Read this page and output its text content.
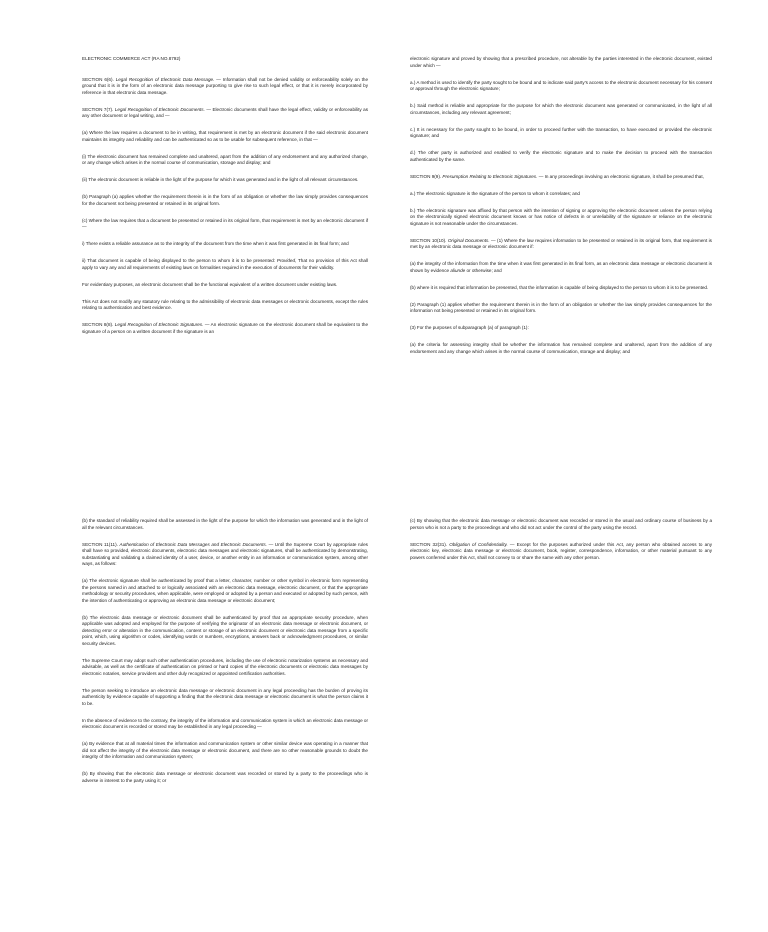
ELECTRONIC COMMERCE ACT (RA NO.8792)

SECTION 6(6). Legal Recognition of Electronic Data Message. — Information shall not be denied validity or enforceability solely on the ground that it is in the form of an electronic data message purporting to give rise to such legal effect, or that it is merely incorporated by reference in that electronic data message.

SECTION 7(7). Legal Recognition of Electronic Documents. — Electronic documents shall have the legal effect, validity or enforceability as any other document or legal writing, and —

(a) Where the law requires a document to be in writing, that requirement is met by an electronic document if the said electronic document maintains its integrity and reliability and can be authenticated so as to be usable for subsequent reference, in that —

(i) The electronic document has remained complete and unaltered, apart from the addition of any endorsement and any authorized change, or any change which arises in the normal course of communication, storage and display; and

(ii) The electronic document is reliable in the light of the purpose for which it was generated and in the light of all relevant circumstances.

(b) Paragraph (a) applies whether the requirement therein is in the form of an obligation or whether the law simply provides consequences for the document not being presented or retained in its original form.

(c) Where the law requires that a document be presented or retained in its original form, that requirement is met by an electronic document if —

i) There exists a reliable assurance as to the integrity of the document from the time when it was first generated in its final form; and

ii) That document is capable of being displayed to the person to whom it is to be presented: Provided, That no provision of this Act shall apply to vary any and all requirements of existing laws on formalities required in the execution of documents for their validity.

For evidentiary purposes, an electronic document shall be the functional equivalent of a written document under existing laws.

This Act does not modify any statutory rule relating to the admissibility of electronic data messages or electronic documents, except the rules relating to authentication and best evidence.

SECTION 8(8). Legal Recognition of Electronic Signatures. — An electronic signature on the electronic document shall be equivalent to the signature of a person on a written document if the signature is an

electronic signature and proved by showing that a prescribed procedure, not alterable by the parties interested in the electronic document, existed under which —

a.) A method is used to identify the party sought to be bound and to indicate said party's access to the electronic document necessary for his consent or approval through the electronic signature;

b.) Said method is reliable and appropriate for the purpose for which the electronic document was generated or communicated, in the light of all circumstances, including any relevant agreement;

c.) It is necessary for the party sought to be bound, in order to proceed further with the transaction, to have executed or provided the electronic signature; and

d.) The other party is authorized and enabled to verify the electronic signature and to make the decision to proceed with the transaction authenticated by the same.

SECTION 9(9). Presumption Relating to Electronic Signatures. — In any proceedings involving an electronic signature, it shall be presumed that,

a.) The electronic signature is the signature of the person to whom it correlates; and

b.) The electronic signature was affixed by that person with the intention of signing or approving the electronic document unless the person relying on the electronically signed electronic document knows or has notice of defects in or unreliability of the signature or reliance on the electronic signature is not reasonable under the circumstances.

SECTION 10(10). Original Documents. — (1) Where the law requires information to be presented or retained in its original form, that requirement is met by an electronic data message or electronic document if:

(a) the integrity of the information from the time when it was first generated in its final form, as an electronic data message or electronic document is shown by evidence aliunde or otherwise; and

(b) where it is required that information be presented, that the information is capable of being displayed to the person to whom it is to be presented.

(2) Paragraph (1) applies whether the requirement therein is in the form of an obligation or whether the law simply provides consequences for the information not being presented or retained in its original form.

(3) For the purposes of subparagraph (a) of paragraph (1):

(a) the criteria for assessing integrity shall be whether the information has remained complete and unaltered, apart from the addition of any endorsement and any change which arises in the normal course of communication, storage and display; and

(b) the standard of reliability required shall be assessed in the light of the purpose for which the information was generated and in the light of all the relevant circumstances.

SECTION 11(11). Authentication of Electronic Data Messages and Electronic Documents. — Until the Supreme Court by appropriate rules shall have so provided, electronic documents, electronic data messages and electronic signatures, shall be authenticated by demonstrating, substantiating and validating a claimed identity of a user, device, or another entity in an information or communication system, among other ways, as follows:

(a) The electronic signature shall be authenticated by proof that a letter, character, number or other symbol in electronic form representing the persons named in and attached to or logically associated with an electronic data message, electronic document, or that the appropriate methodology or security procedures, when applicable, were employed or adopted by a person and executed or adopted by such person, with the intention of authenticating or approving an electronic data message or electronic document;

(b) The electronic data message or electronic document shall be authenticated by proof that an appropriate security procedure, when applicable was adopted and employed for the purpose of verifying the originator of an electronic data message or electronic document, or detecting error or alteration in the communication, content or storage of an electronic document or electronic data message from a specific point, which, using algorithm or codes, identifying words or numbers, encryptions, answers back or acknowledgment procedures, or similar security devices.

The Supreme Court may adopt such other authentication procedures, including the use of electronic notarization systems as necessary and advisable, as well as the certificate of authentication on printed or hard copies of the electronic documents or electronic data messages by electronic notaries, service providers and other duly recognized or appointed certification authorities.

The person seeking to introduce an electronic data message or electronic document in any legal proceeding has the burden of proving its authenticity by evidence capable of supporting a finding that the electronic data message or electronic document is what the person claims it to be.

In the absence of evidence to the contrary, the integrity of the information and communication system in which an electronic data message or electronic document is recorded or stored may be established in any legal proceeding —

(a) By evidence that at all material times the information and communication system or other similar device was operating in a manner that did not affect the integrity of the electronic data message or electronic document, and there are no other reasonable grounds to doubt the integrity of the information and communication system;

(b) By showing that the electronic data message or electronic document was recorded or stored by a party to the proceedings who is adverse in interest to the party using it; or

(c) By showing that the electronic data message or electronic document was recorded or stored in the usual and ordinary course of business by a person who is not a party to the proceedings and who did not act under the control of the party using the record.

SECTION 32(31). Obligation of Confidentiality. — Except for the purposes authorized under this Act, any person who obtained access to any electronic key, electronic data message or electronic document, book, register, correspondence, information, or other material pursuant to any powers conferred under this Act, shall not convey to or share the same with any other person.
